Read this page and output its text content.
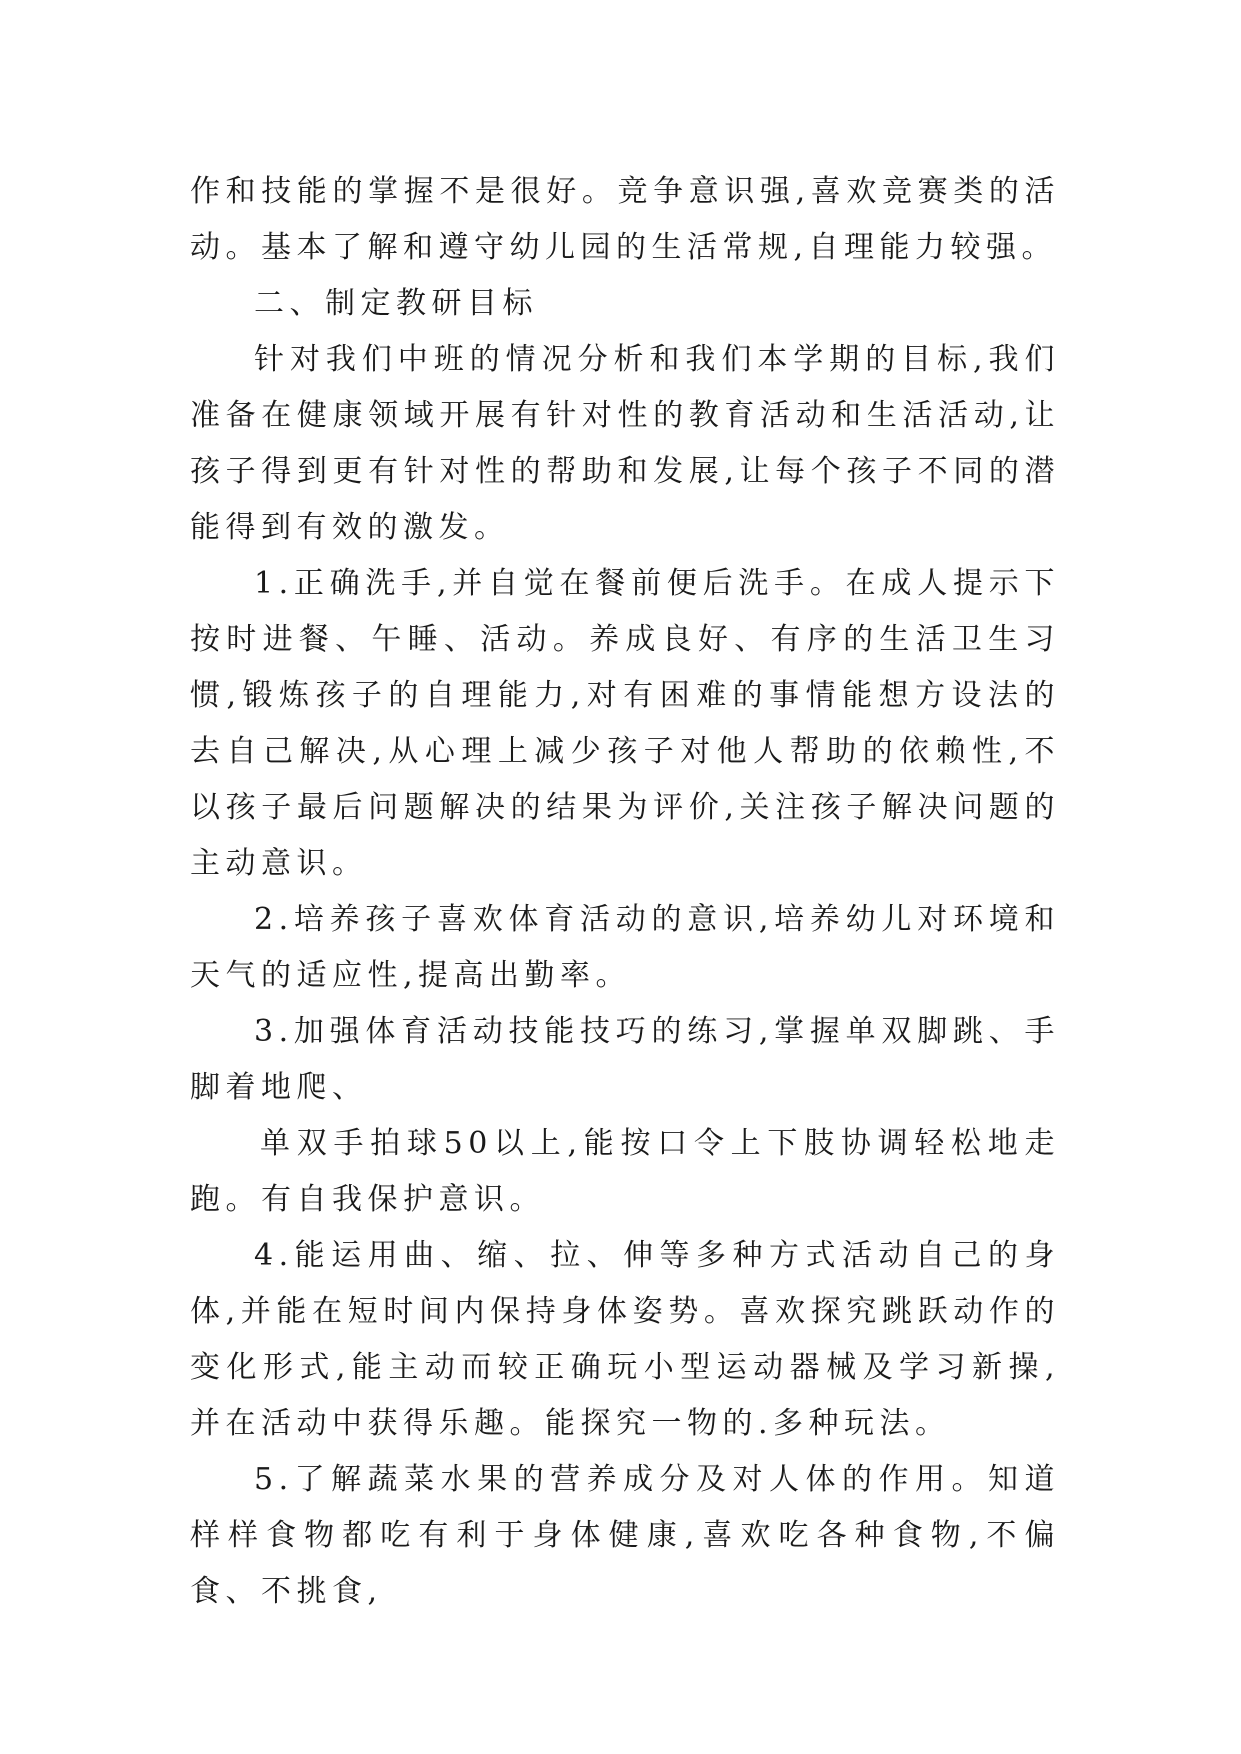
作和技能的掌握不是很好。竞争意识强,喜欢竞赛类的活动。基本了解和遵守幼儿园的生活常规,自理能力较强。

二、制定教研目标

针对我们中班的情况分析和我们本学期的目标,我们准备在健康领域开展有针对性的教育活动和生活活动,让孩子得到更有针对性的帮助和发展,让每个孩子不同的潜能得到有效的激发。

1.正确洗手,并自觉在餐前便后洗手。在成人提示下按时进餐、午睡、活动。养成良好、有序的生活卫生习惯,锻炼孩子的自理能力,对有困难的事情能想方设法的去自己解决,从心理上减少孩子对他人帮助的依赖性,不以孩子最后问题解决的结果为评价,关注孩子解决问题的主动意识。

2.培养孩子喜欢体育活动的意识,培养幼儿对环境和天气的适应性,提高出勤率。

3.加强体育活动技能技巧的练习,掌握单双脚跳、手脚着地爬、

单双手拍球50以上,能按口令上下肢协调轻松地走跑。有自我保护意识。

4.能运用曲、缩、拉、伸等多种方式活动自己的身体,并能在短时间内保持身体姿势。喜欢探究跳跃动作的变化形式,能主动而较正确玩小型运动器械及学习新操,并在活动中获得乐趣。能探究一物的.多种玩法。

5.了解蔬菜水果的营养成分及对人体的作用。知道样样食物都吃有利于身体健康,喜欢吃各种食物,不偏食、不挑食,
